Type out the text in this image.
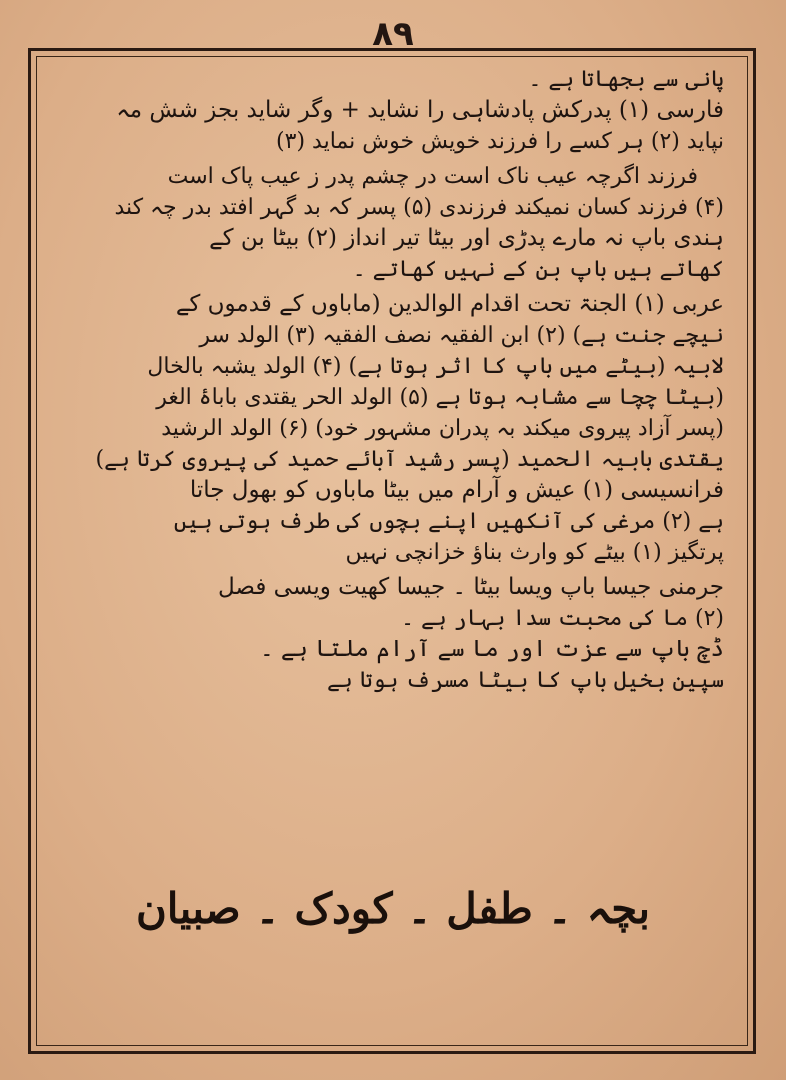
۸۹
پانی سے بجھاتا ہے ۔
فارسی (۱) پدرکش پادشاہی را نشاید + وگر شاید بجز شش مہ
نپاید (۲) ہر کسے را فرزند خویش خوش نماید (۳)
فرزند اگرچہ عیب ناک است در چشم پدر ز عیب پاک است
(۴) فرزند کسان نمیکند فرزندی (۵) پسر کہ بد گہر افتد بدر چہ کند
ہندی باپ نہ مارے پدڑی اور بیٹا تیر انداز (۲) بیٹا بن کے
کھاتے ہیں باپ بن کے نہیں کھاتے ۔
عربی (۱) الجنۃ تحت اقدام الوالدین (ماباوں کے قدموں کے
نیچے جنت ہے) (۲) ابن الفقیہ نصف الفقیہ (۳) الولد سر
لابیہ (بیٹے میں باپ کا اثر ہوتا ہے) (۴) الولد یشبہ بالخال
(بیٹا چچا سے مشابہ ہوتا ہے (۵) الولد الحر یقتدی باباۂ الغر
(پسر آزاد پیروی میکند بہ پدران مشہور خود) (۶) الولد الرشید
یقتدی بابیہ الحمید (پسر رشید آبائے حمید کی پیروی کرتا ہے)
فرانسیسی (۱) عیش و آرام میں بیٹا ماباوں کو بھول جاتا
ہے (۲) مرغی کی آنکھیں اپنے بچوں کی طرف ہوتی ہیں
پرتگیز (۱) بیٹے کو وارث بناؤ خزانچی نہیں
جرمنی جیسا باپ ویسا بیٹا ۔ جیسا کھیت ویسی فصل
(۲) ما کی محبت سدا بہار ہے ۔
ڈچ باپ سے عزت اور ما سے آرام ملتا ہے ۔
سپین بخیل باپ کا بیٹا مسرف ہوتا ہے
بچہ ۔ طفل ۔ کودک ۔ صبیان
